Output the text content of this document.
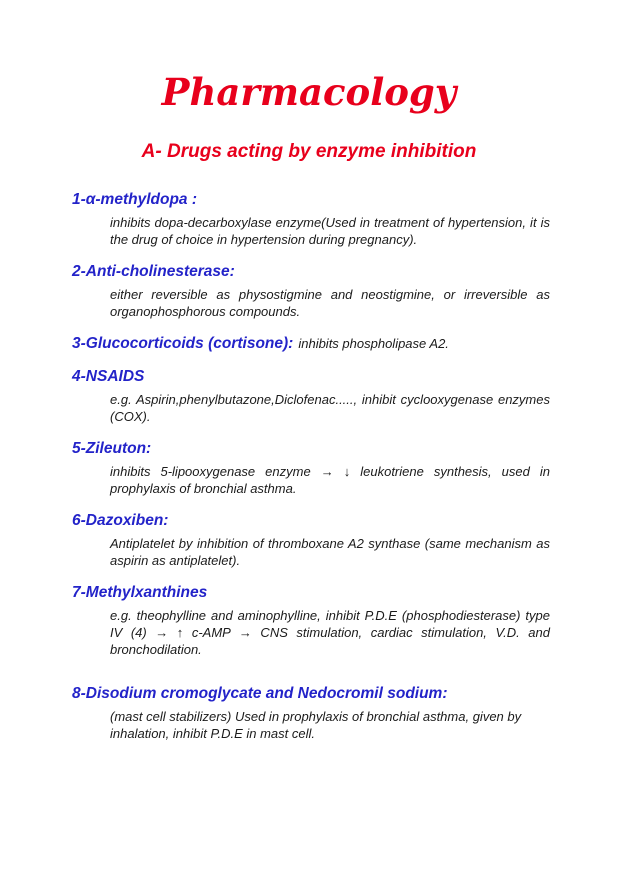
Pharmacology
A- Drugs acting by enzyme inhibition
1-α-methyldopa :
inhibits dopa-decarboxylase enzyme(Used in treatment of hypertension, it is the drug of choice in hypertension during pregnancy).
2-Anti-cholinesterase:
either reversible as physostigmine and neostigmine, or irreversible as organophosphorous compounds.
3-Glucocorticoids (cortisone): inhibits phospholipase A2.
4-NSAIDS
e.g. Aspirin,phenylbutazone,Diclofenac....., inhibit cyclooxygenase enzymes (COX).
5-Zileuton:
inhibits 5-lipooxygenase enzyme → ↓ leukotriene synthesis, used in prophylaxis of bronchial asthma.
6-Dazoxiben:
Antiplatelet by inhibition of thromboxane A2 synthase (same mechanism as aspirin as antiplatelet).
7-Methylxanthines
e.g. theophylline and aminophylline, inhibit P.D.E (phosphodiesterase) type IV (4) → ↑ c-AMP → CNS stimulation, cardiac stimulation, V.D. and bronchodilation.
8-Disodium cromoglycate and Nedocromil sodium:
(mast cell stabilizers) Used in prophylaxis of bronchial asthma, given by inhalation, inhibit P.D.E in mast cell.
